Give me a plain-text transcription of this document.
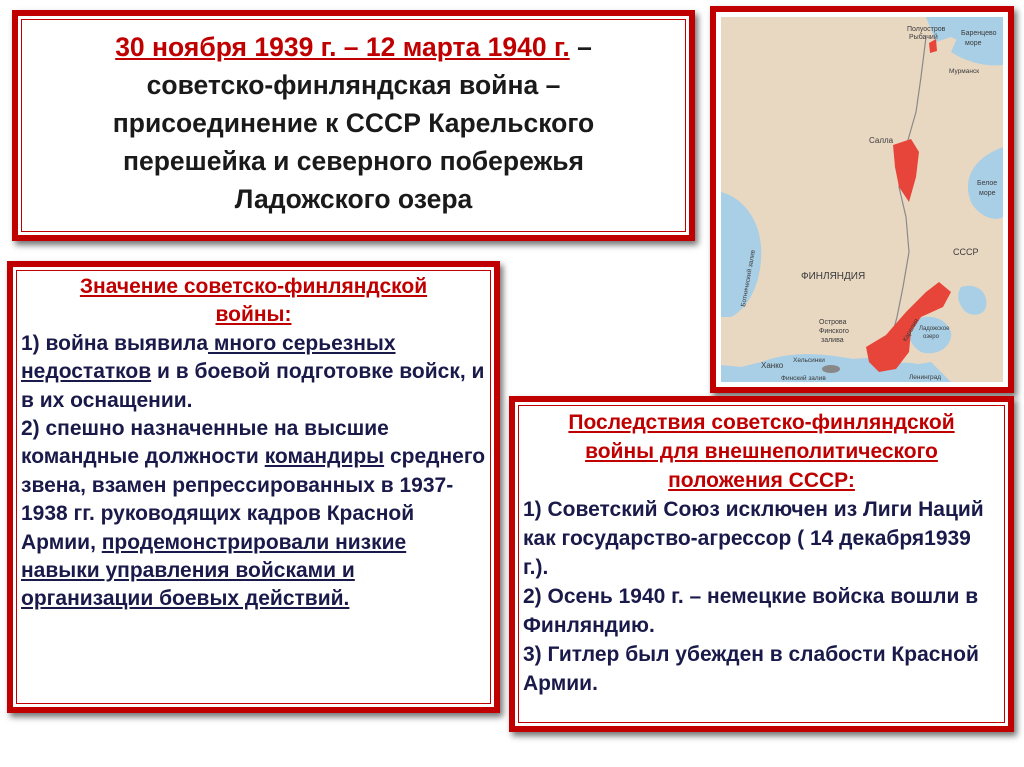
30 ноября 1939 г. – 12 марта 1940 г. –
советско-финляндская война –
присоединение к СССР Карельского
перешейка и северного побережья
Ладожского озера
Полуостров
Рыбачий
Баренцево
море
Мурманск
Салла
Белое
море
Ботнический залив	ФИНЛЯНДИЯ
СССР
Острова
Финского
залива	Карелия
Ладожское
озеро
Ханко
Хельсинки
Финский залив	Ленинград
Значение советско-финляндской
войны:
1) война выявила много серьезных недостатков и в боевой подготовке войск, и в их оснащении.
2) спешно назначенные на высшие командные должности командиры среднего звена, взамен репрессированных в 1937-1938 гг. руководящих кадров Красной Армии, продемонстрировали низкие навыки управления войсками и организации боевых действий.
Последствия советско-финляндской
войны для внешнеполитического
положения СССР:
1) Советский Союз исключен из Лиги Наций как государство-агрессор ( 14 декабря1939 г.).
2) Осень 1940 г. – немецкие войска вошли в Финляндию.
3) Гитлер был убежден в слабости Красной Армии.
